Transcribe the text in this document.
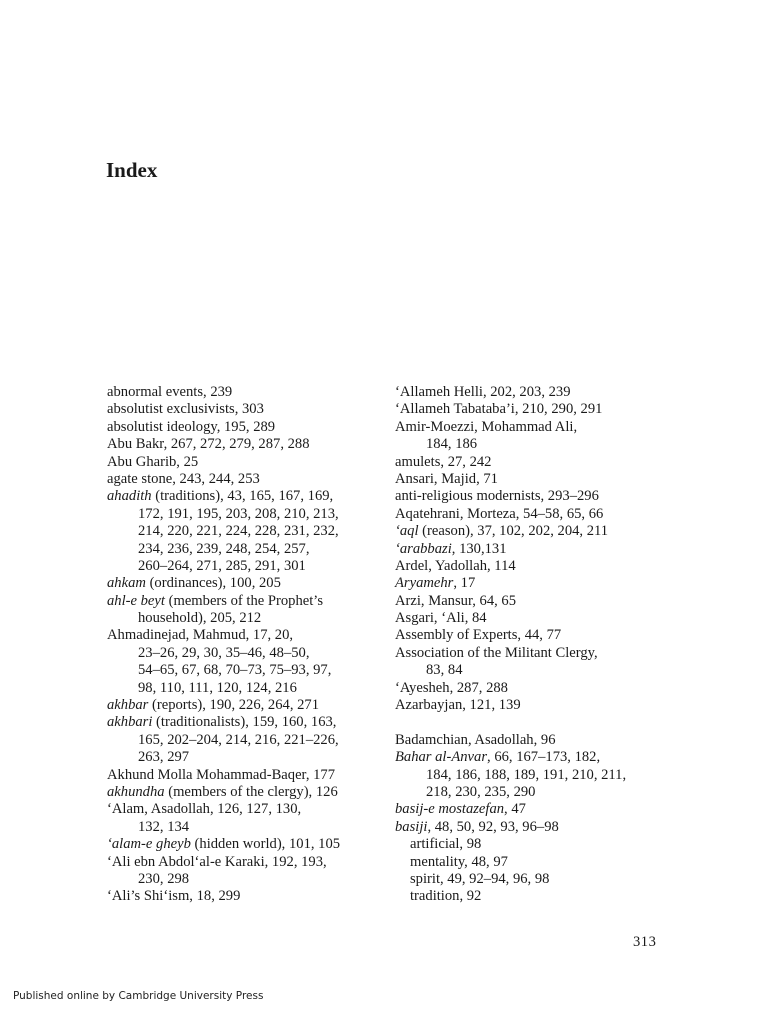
Index
abnormal events, 239
absolutist exclusivists, 303
absolutist ideology, 195, 289
Abu Bakr, 267, 272, 279, 287, 288
Abu Gharib, 25
agate stone, 243, 244, 253
ahadith (traditions), 43, 165, 167, 169,
172, 191, 195, 203, 208, 210, 213,
214, 220, 221, 224, 228, 231, 232,
234, 236, 239, 248, 254, 257,
260–264, 271, 285, 291, 301
ahkam (ordinances), 100, 205
ahl-e beyt (members of the Prophet’s
household), 205, 212
Ahmadinejad, Mahmud, 17, 20,
23–26, 29, 30, 35–46, 48–50,
54–65, 67, 68, 70–73, 75–93, 97,
98, 110, 111, 120, 124, 216
akhbar (reports), 190, 226, 264, 271
akhbari (traditionalists), 159, 160, 163,
165, 202–204, 214, 216, 221–226,
263, 297
Akhund Molla Mohammad-Baqer, 177
akhundha (members of the clergy), 126
‘Alam, Asadollah, 126, 127, 130,
132, 134
‘alam-e gheyb (hidden world), 101, 105
‘Ali ebn Abdol‘al-e Karaki, 192, 193,
230, 298
‘Ali’s Shi‘ism, 18, 299
‘Allameh Helli, 202, 203, 239
‘Allameh Tabataba’i, 210, 290, 291
Amir-Moezzi, Mohammad Ali,
184, 186
amulets, 27, 242
Ansari, Majid, 71
anti-religious modernists, 293–296
Aqatehrani, Morteza, 54–58, 65, 66
‘aql (reason), 37, 102, 202, 204, 211
‘arabbazi, 130,131
Ardel, Yadollah, 114
Aryamehr, 17
Arzi, Mansur, 64, 65
Asgari, ‘Ali, 84
Assembly of Experts, 44, 77
Association of the Militant Clergy,
83, 84
‘Ayesheh, 287, 288
Azarbayjan, 121, 139
Badamchian, Asadollah, 96
Bahar al-Anvar, 66, 167–173, 182,
184, 186, 188, 189, 191, 210, 211,
218, 230, 235, 290
basij-e mostazefan, 47
basiji, 48, 50, 92, 93, 96–98
artificial, 98
mentality, 48, 97
spirit, 49, 92–94, 96, 98
tradition, 92
313
Published online by Cambridge University Press
